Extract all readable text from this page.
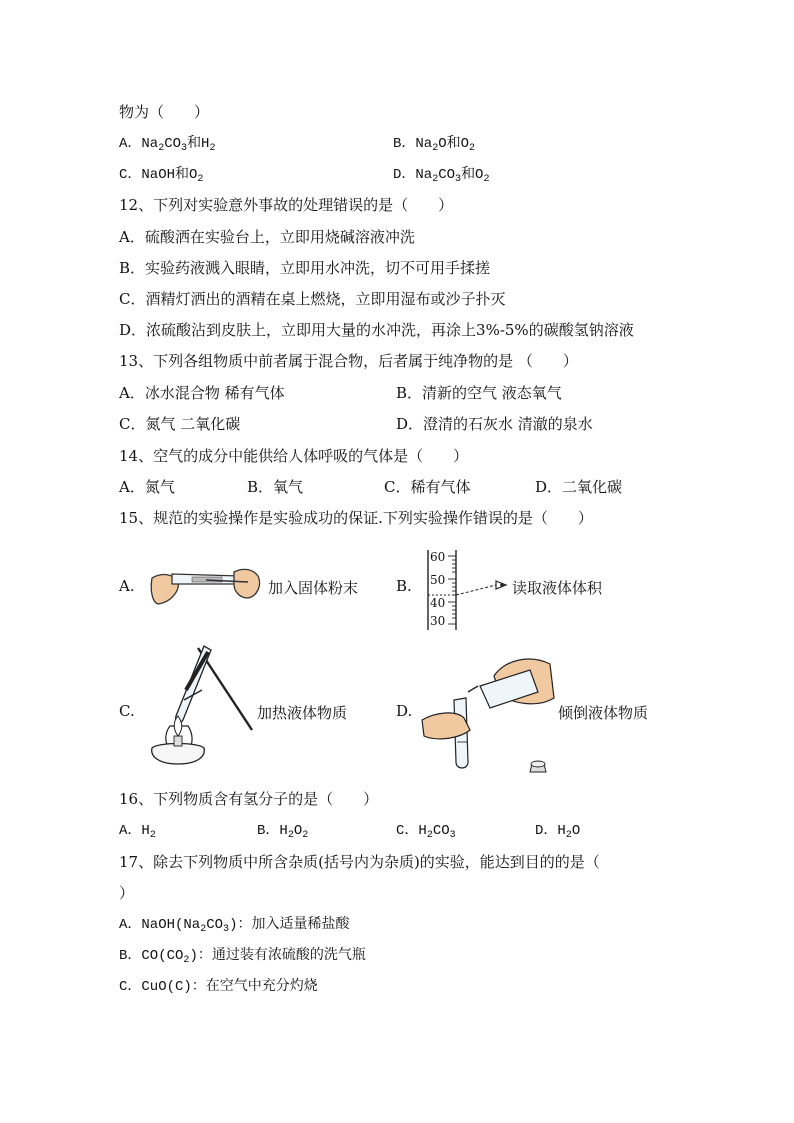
物为（　　）
A．$Na_2CO_3$和$H_2$	B．$Na_2O$和$O_2$
C．NaOH和$O_2$	D．$Na_2CO_3$和$O_2$
12、下列对实验意外事故的处理错误的是（　　）
A．硫酸洒在实验台上，立即用烧碱溶液冲洗
B．实验药液溅入眼睛，立即用水冲洗，切不可用手揉搓
C．酒精灯洒出的酒精在桌上燃烧，立即用湿布或沙子扑灭
D．浓硫酸沾到皮肤上，立即用大量的水冲洗，再涂上3%-5%的碳酸氢钠溶液
13、下列各组物质中前者属于混合物，后者属于纯净物的是 （　　）
A．冰水混合物 稀有气体	B．清新的空气 液态氧气
C．氮气 二氧化碳	D．澄清的石灰水 清澈的泉水
14、空气的成分中能供给人体呼吸的气体是（　　）
A．氮气	B．氧气	C．稀有气体	D．二氧化碳
15、规范的实验操作是实验成功的保证.下列实验操作错误的是（　　）
A.	加入固体粉末	B.
60
50
40
30
读取液体体积
C.	加热液体物质	D.	倾倒液体物质
16、下列物质含有氢分子的是（　　）
A．$H_2$	B．$H_2O_2$	C．$H_2CO_3$	D．$H_2O$
17、除去下列物质中所含杂质(括号内为杂质)的实验，能达到目的的是（
）
A．$NaOH(Na_2CO_3)$：加入适量稀盐酸
B．$CO(CO_2)$：通过装有浓硫酸的洗气瓶
C．CuO(C)：在空气中充分灼烧
